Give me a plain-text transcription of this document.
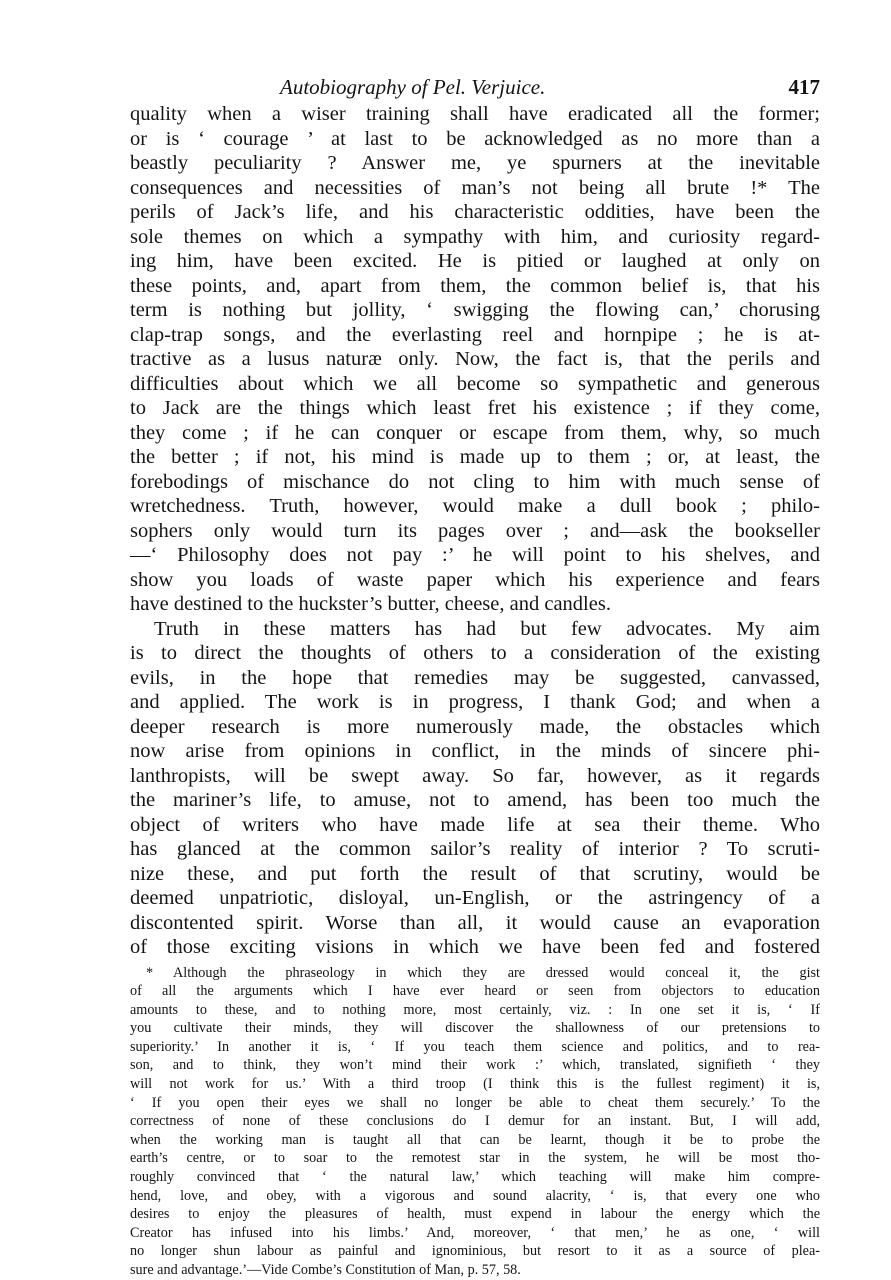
Autobiography of Pel. Verjuice.	417
quality when a wiser training shall have eradicated all the former;
or is ‘ courage ’ at last to be acknowledged as no more than a
beastly peculiarity ? Answer me, ye spurners at the inevitable
consequences and necessities of man’s not being all brute !* The
perils of Jack’s life, and his characteristic oddities, have been the
sole themes on which a sympathy with him, and curiosity regard-
ing him, have been excited. He is pitied or laughed at only on
these points, and, apart from them, the common belief is, that his
term is nothing but jollity, ‘ swigging the flowing can,’ chorusing
clap-trap songs, and the everlasting reel and hornpipe ; he is at-
tractive as a lusus naturæ only. Now, the fact is, that the perils and
difficulties about which we all become so sympathetic and generous
to Jack are the things which least fret his existence ; if they come,
they come ; if he can conquer or escape from them, why, so much
the better ; if not, his mind is made up to them ; or, at least, the
forebodings of mischance do not cling to him with much sense of
wretchedness. Truth, however, would make a dull book ; philo-
sophers only would turn its pages over ; and—ask the bookseller
—‘ Philosophy does not pay :’ he will point to his shelves, and
show you loads of waste paper which his experience and fears
have destined to the huckster’s butter, cheese, and candles.
Truth in these matters has had but few advocates. My aim
is to direct the thoughts of others to a consideration of the existing
evils, in the hope that remedies may be suggested, canvassed,
and applied. The work is in progress, I thank God; and when a
deeper research is more numerously made, the obstacles which
now arise from opinions in conflict, in the minds of sincere phi-
lanthropists, will be swept away. So far, however, as it regards
the mariner’s life, to amuse, not to amend, has been too much the
object of writers who have made life at sea their theme. Who
has glanced at the common sailor’s reality of interior ? To scruti-
nize these, and put forth the result of that scrutiny, would be
deemed unpatriotic, disloyal, un-English, or the astringency of a
discontented spirit. Worse than all, it would cause an evaporation
of those exciting visions in which we have been fed and fostered
* Although the phraseology in which they are dressed would conceal it, the gist
of all the arguments which I have ever heard or seen from objectors to education
amounts to these, and to nothing more, most certainly, viz. : In one set it is, ‘ If
you cultivate their minds, they will discover the shallowness of our pretensions to
superiority.’ In another it is, ‘ If you teach them science and politics, and to rea-
son, and to think, they won’t mind their work :’ which, translated, signifieth ‘ they
will not work for us.’ With a third troop (I think this is the fullest regiment) it is,
‘ If you open their eyes we shall no longer be able to cheat them securely.’ To the
correctness of none of these conclusions do I demur for an instant. But, I will add,
when the working man is taught all that can be learnt, though it be to probe the
earth’s centre, or to soar to the remotest star in the system, he will be most tho-
roughly convinced that ‘ the natural law,’ which teaching will make him compre-
hend, love, and obey, with a vigorous and sound alacrity, ‘ is, that every one who
desires to enjoy the pleasures of health, must expend in labour the energy which the
Creator has infused into his limbs.’ And, moreover, ‘ that men,’ he as one, ‘ will
no longer shun labour as painful and ignominious, but resort to it as a source of plea-
sure and advantage.’—Vide Combe’s Constitution of Man, p. 57, 58.
